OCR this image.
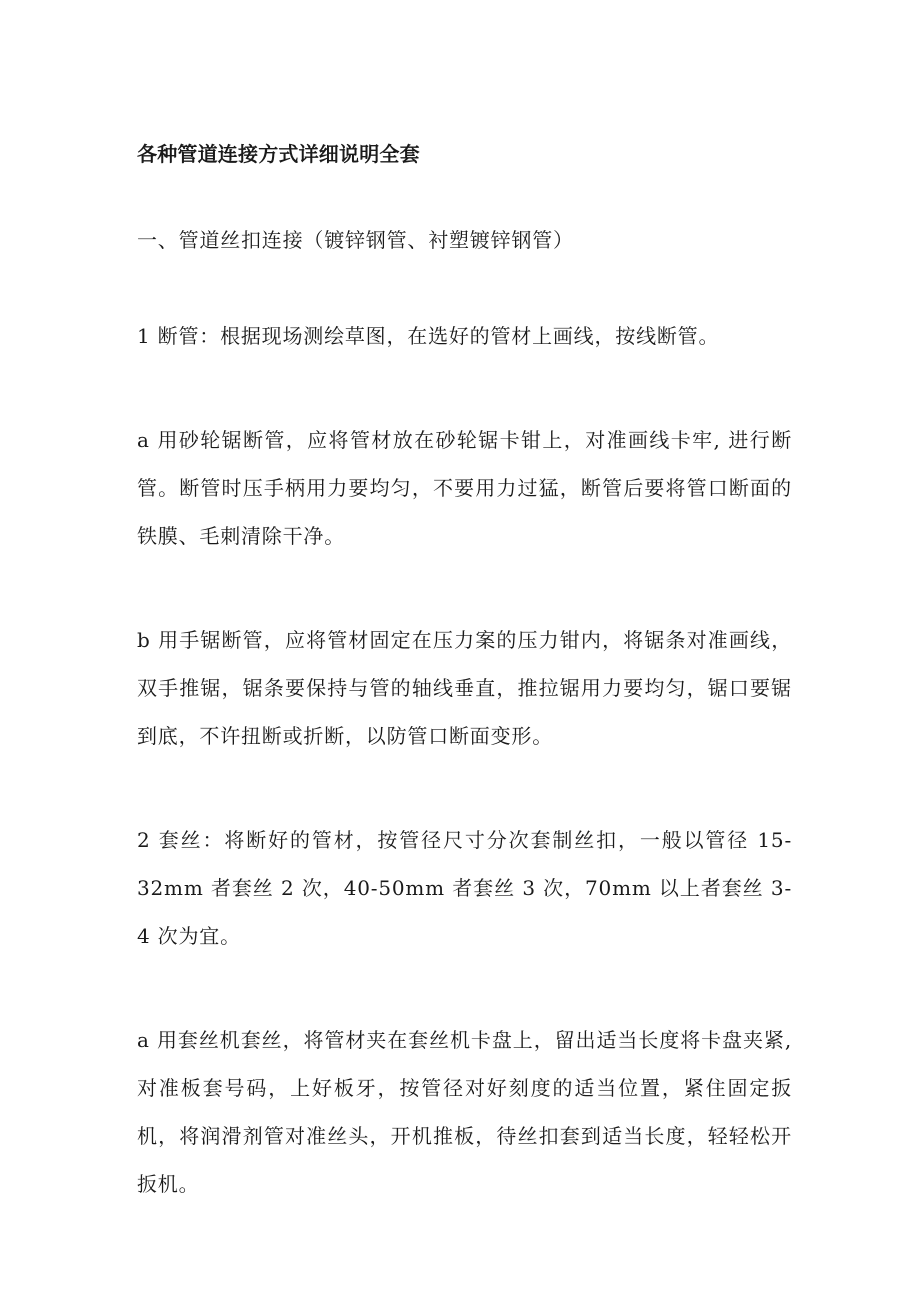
各种管道连接方式详细说明全套

一、管道丝扣连接（镀锌钢管、衬塑镀锌钢管）

1 断管：根据现场测绘草图，在选好的管材上画线，按线断管。

a 用砂轮锯断管，应将管材放在砂轮锯卡钳上，对准画线卡牢, 进行断管。断管时压手柄用力要均匀，不要用力过猛，断管后要将管口断面的铁膜、毛刺清除干净。

b 用手锯断管，应将管材固定在压力案的压力钳内，将锯条对准画线，双手推锯，锯条要保持与管的轴线垂直，推拉锯用力要均匀，锯口要锯到底，不许扭断或折断，以防管口断面变形。

2 套丝：将断好的管材，按管径尺寸分次套制丝扣，一般以管径 15-32mm 者套丝 2 次，40-50mm 者套丝 3 次，70mm 以上者套丝 3-4 次为宜。

a 用套丝机套丝，将管材夹在套丝机卡盘上，留出适当长度将卡盘夹紧, 对准板套号码，上好板牙，按管径对好刻度的适当位置，紧住固定扳机，将润滑剂管对准丝头，开机推板，待丝扣套到适当长度，轻轻松开扳机。
